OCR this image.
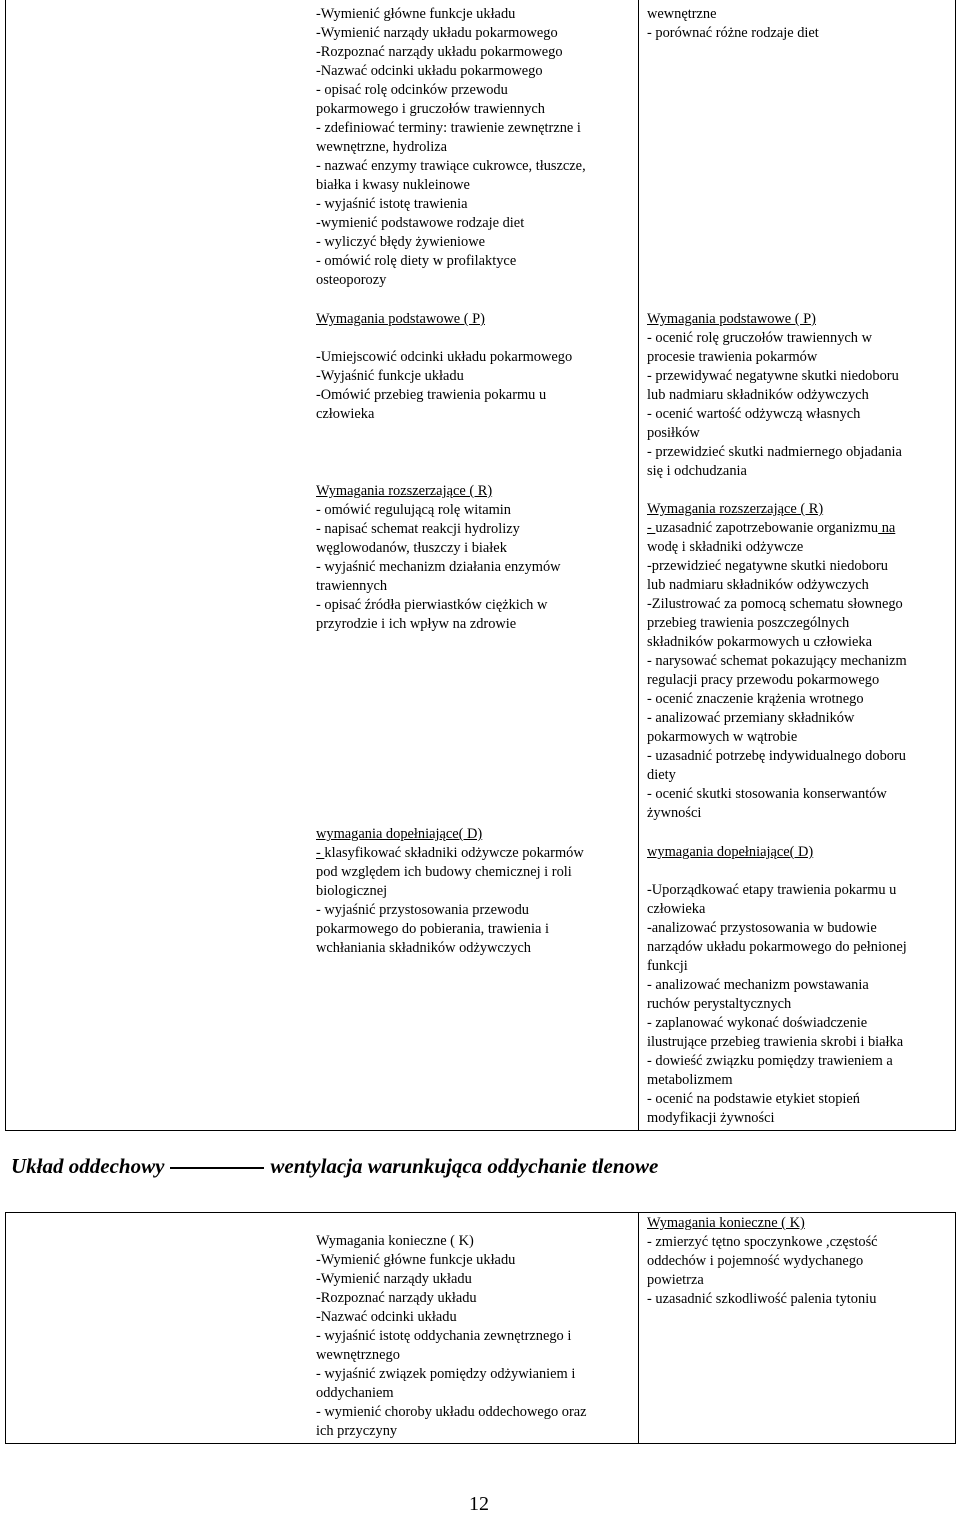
-Wymienić główne funkcje układu
-Wymienić narządy układu pokarmowego
-Rozpoznać narządy układu pokarmowego
-Nazwać odcinki układu pokarmowego
- opisać rolę odcinków przewodu
pokarmowego i gruczołów trawiennych
- zdefiniować terminy: trawienie zewnętrzne i
wewnętrzne, hydroliza
- nazwać enzymy trawiące cukrowce, tłuszcze,
białka i kwasy nukleinowe
- wyjaśnić istotę trawienia
-wymienić podstawowe rodzaje diet
- wyliczyć błędy żywieniowe
- omówić rolę diety w profilaktyce
osteoporozy
Wymagania podstawowe ( P)
-Umiejscowić odcinki układu pokarmowego
-Wyjaśnić funkcje układu
-Omówić przebieg trawienia pokarmu u
człowieka
Wymagania rozszerzające ( R)
- omówić regulującą rolę witamin
- napisać schemat reakcji hydrolizy
węglowodanów, tłuszczy i białek
- wyjaśnić mechanizm działania enzymów
trawiennych
- opisać źródła pierwiastków ciężkich w
przyrodzie i ich wpływ na zdrowie
wymagania dopełniające( D)
- klasyfikować składniki odżywcze pokarmów
pod względem ich budowy chemicznej i roli
biologicznej
- wyjaśnić przystosowania przewodu
pokarmowego do pobierania, trawienia i
wchłaniania składników odżywczych
wewnętrzne
- porównać różne rodzaje diet
Wymagania podstawowe ( P)
- ocenić rolę gruczołów trawiennych w
procesie trawienia pokarmów
- przewidywać negatywne skutki niedoboru
lub nadmiaru składników odżywczych
- ocenić wartość odżywczą własnych
posiłków
- przewidzieć skutki nadmiernego objadania
się i odchudzania
Wymagania rozszerzające ( R)
- uzasadnić zapotrzebowanie organizmu na
wodę i składniki odżywcze
-przewidzieć negatywne skutki niedoboru
lub nadmiaru składników odżywczych
-Zilustrować za pomocą schematu słownego
przebieg trawienia poszczególnych
składników pokarmowych u człowieka
- narysować schemat pokazujący mechanizm
regulacji pracy przewodu pokarmowego
- ocenić znaczenie krążenia wrotnego
- analizować przemiany składników
pokarmowych w wątrobie
- uzasadnić potrzebę indywidualnego doboru
diety
- ocenić skutki stosowania konserwantów
żywności
wymagania dopełniające( D)
-Uporządkować etapy trawienia pokarmu u
człowieka
-analizować przystosowania w budowie
narządów układu pokarmowego do pełnionej
funkcji
- analizować mechanizm powstawania
ruchów perystaltycznych
- zaplanować wykonać doświadczenie
ilustrujące przebieg trawienia skrobi i białka
- dowieść związku pomiędzy trawieniem a
metabolizmem
- ocenić na podstawie etykiet stopień
modyfikacji żywności
Układ oddechowy	wentylacja warunkująca oddychanie tlenowe
Wymagania konieczne ( K)
-Wymienić główne funkcje układu
-Wymienić narządy układu
-Rozpoznać narządy układu
-Nazwać odcinki układu
- wyjaśnić istotę oddychania zewnętrznego i
wewnętrznego
- wyjaśnić związek pomiędzy odżywianiem i
oddychaniem
- wymienić choroby układu oddechowego oraz
ich przyczyny
Wymagania konieczne ( K)
- zmierzyć tętno spoczynkowe ,częstość
oddechów i pojemność wydychanego
powietrza
- uzasadnić szkodliwość palenia tytoniu
12
